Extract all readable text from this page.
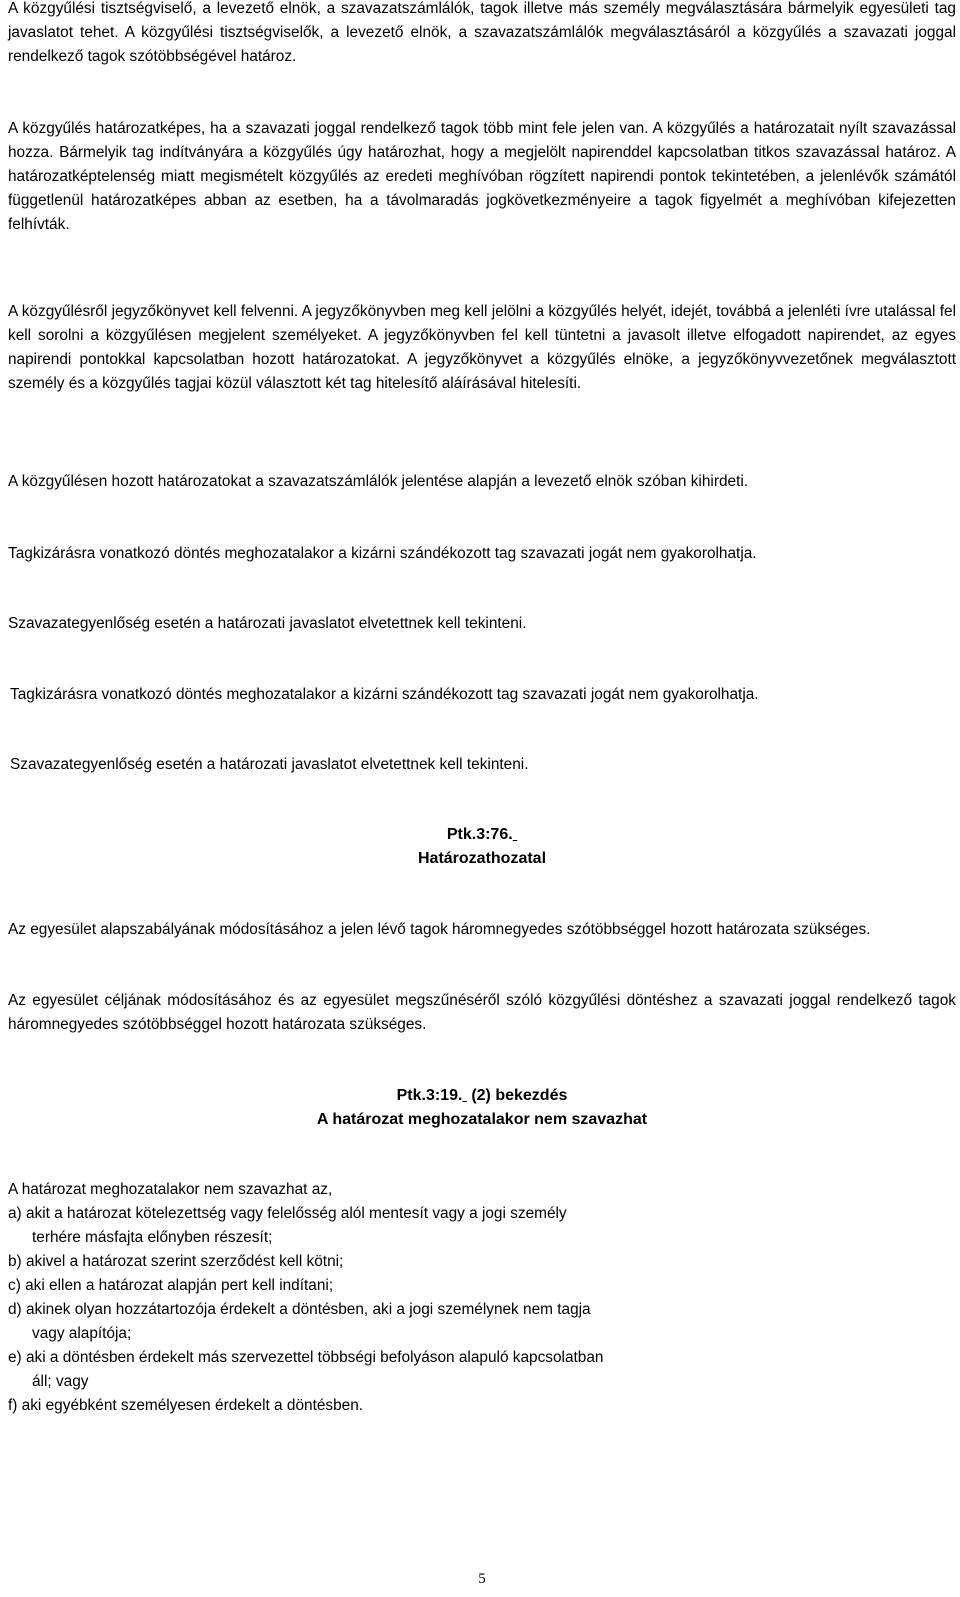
A közgyűlési tisztségviselő, a levezető elnök, a szavazatszámlálók, tagok illetve más személy megválasztására bármelyik egyesületi tag javaslatot tehet. A közgyűlési tisztségviselők, a levezető elnök, a szavazatszámlálók megválasztásáról a közgyűlés a szavazati joggal rendelkező tagok szótöbbségével határoz.

A közgyűlés határozatképes, ha a szavazati joggal rendelkező tagok több mint fele jelen van. A közgyűlés a határozatait nyílt szavazással hozza. Bármelyik tag indítványára a közgyűlés úgy határozhat, hogy a megjelölt napirenddel kapcsolatban titkos szavazással határoz. A határozatképtelenség miatt megismételt közgyűlés az eredeti meghívóban rögzített napirendi pontok tekintetében, a jelenlévők számától függetlenül határozatképes abban az esetben, ha a távolmaradás jogkövetkezményeire a tagok figyelmét a meghívóban kifejezetten felhívták.

A közgyűlésről jegyzőkönyvet kell felvenni. A jegyzőkönyvben meg kell jelölni a közgyűlés helyét, idejét, továbbá a jelenléti ívre utalással fel kell sorolni a közgyűlésen megjelent személyeket. A jegyzőkönyvben fel kell tüntetni a javasolt illetve elfogadott napirendet, az egyes napirendi pontokkal kapcsolatban hozott határozatokat. A jegyzőkönyvet a közgyűlés elnöke, a jegyzőkönyvvezetőnek megválasztott személy és a közgyűlés tagjai közül választott két tag hitelesítő aláírásával hitelesíti.

A közgyűlésen hozott határozatokat a szavazatszámlálók jelentése alapján a levezető elnök szóban kihirdeti.

Tagkizárásra vonatkozó döntés meghozatalakor a kizárni szándékozott tag szavazati jogát nem gyakorolhatja.

Szavazategyenlőség esetén a határozati javaslatot elvetettnek kell tekinteni.

Tagkizárásra vonatkozó döntés meghozatalakor a kizárni szándékozott tag szavazati jogát nem gyakorolhatja.

Szavazategyenlőség esetén a határozati javaslatot elvetettnek kell tekinteni.

Ptk.3:76.
Határozathozatal

Az egyesület alapszabályának módosításához a jelen lévő tagok háromnegyedes szótöbbséggel hozott határozata szükséges.

Az egyesület céljának módosításához és az egyesület megszűnéséről szóló közgyűlési döntéshez a szavazati joggal rendelkező tagok háromnegyedes szótöbbséggel hozott határozata szükséges.

Ptk.3:19. (2) bekezdés
A határozat meghozatalakor nem szavazhat

A határozat meghozatalakor nem szavazhat az,

a) akit a határozat kötelezettség vagy felelősség alól mentesít vagy a jogi személy
terhére másfajta előnyben részesít;
b) akivel a határozat szerint szerződést kell kötni;
c) aki ellen a határozat alapján pert kell indítani;
d) akinek olyan hozzátartozója érdekelt a döntésben, aki a jogi személynek nem tagja
vagy alapítója;
e) aki a döntésben érdekelt más szervezettel többségi befolyáson alapuló kapcsolatban
áll; vagy
f) aki egyébként személyesen érdekelt a döntésben.
5
